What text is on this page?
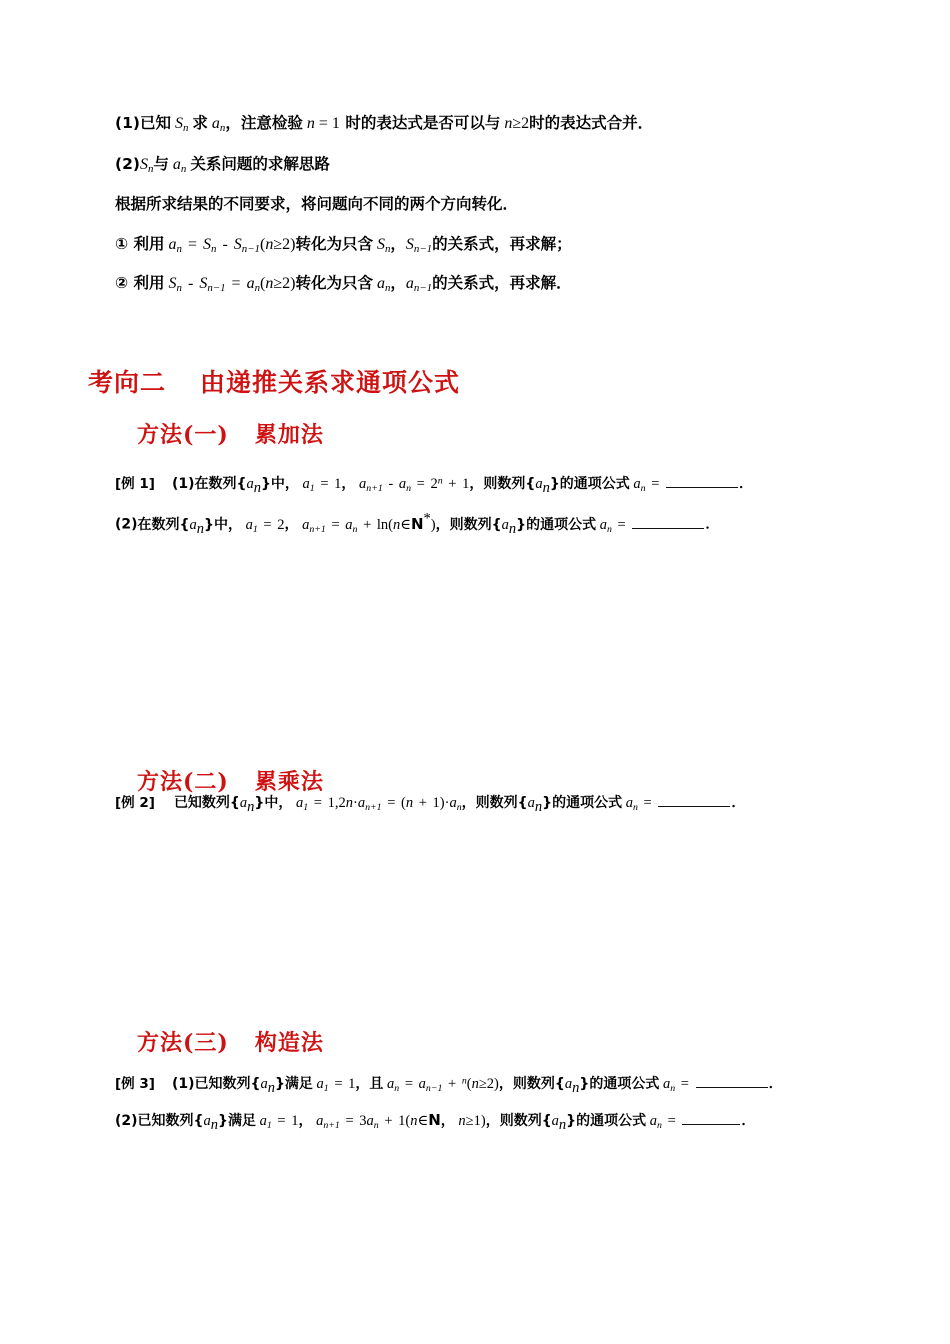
(1)已知 $S_n$ 求 $a_n$，注意检验 n = 1 时的表达式是否可以与 n≥2时的表达式合并．
$(2)S_n$与 $a_n$ 关系问题的求解思路
根据所求结果的不同要求，将问题向不同的两个方向转化．
① 利用 $a_n = S_n - S_{n-1}(n\ge 2)$转化为只含 $S_n$，$S_{n-1}$的关系式，再求解；
② 利用 $S_n - S_{n-1} = a_n(n\ge 2)$转化为只含 $a_n$，$a_{n-1}$的关系式，再求解．
考向二 由递推关系求通项公式
方法(一) 累加法
[例 1] (1)在数列$\{a_n\}$中， $a_1 = 1$， $a_{n+1} - a_n = 2^n + 1$，则数列$\{a_n\}$的通项公式 $a_n$ =	．
(2)在数列$\{a_n\}$中， $a_1 = 2$， $a_{n+1} = a_n$ + ln(n∈N*)，则数列$\{a_n\}$的通项公式 $a_n$ =	．
方法(二) 累乘法
[例 2] 已知数列$\{a_n\}$中， $a_1 = 1,2n\cdot a_{n+1} = (n + 1)\cdot a_n$，则数列$\{a_n\}$的通项公式 $a_n$ =	．
方法(三) 构造法
[例 3] (1)已知数列$\{a_n\}$满足 $a_1 = 1$，且 $a_n = a_{n-1} + ^n(n\ge 2)$，则数列$\{a_n\}$的通项公式 $a_n$ =	．
(2)已知数列$\{a_n\}$满足 $a_1 = 1$， $a_{n+1} = 3a_n$ + 1(n∈N， n≥1)，则数列$\{a_n\}$的通项公式 $a_n$ =	．
